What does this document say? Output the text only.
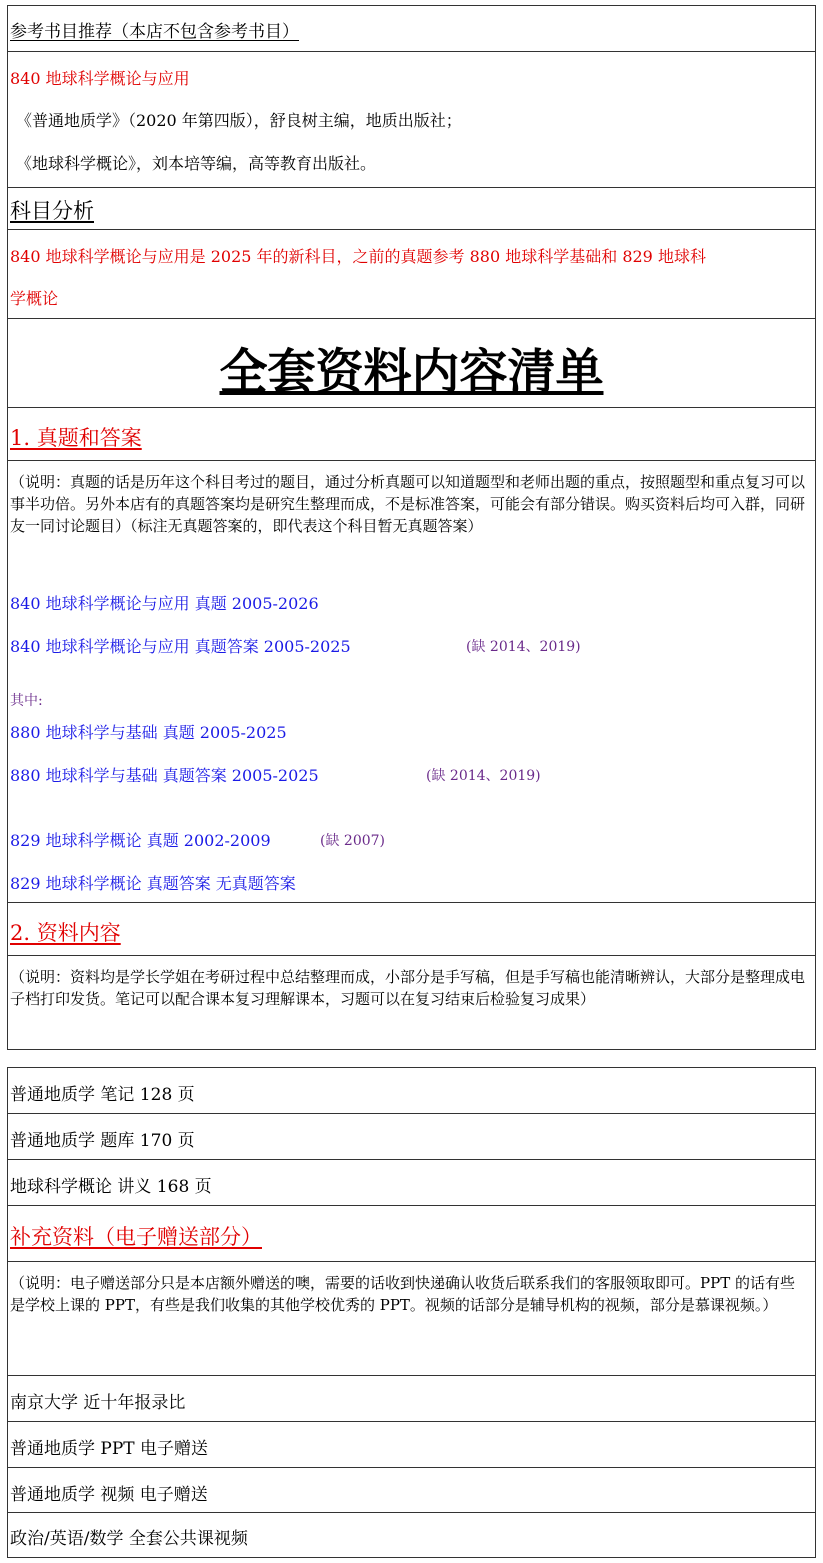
参考书目推荐（本店不包含参考书目）
840 地球科学概论与应用
《普通地质学》（2020 年第四版），舒良树主编，地质出版社；
《地球科学概论》，刘本培等编，高等教育出版社。
科目分析
840 地球科学概论与应用是 2025 年的新科目，之前的真题参考 880 地球科学基础和 829 地球科
学概论
全套资料内容清单
1. 真题和答案
（说明：真题的话是历年这个科目考过的题目，通过分析真题可以知道题型和老师出题的重点，按照题型和重点复习可以事半功倍。另外本店有的真题答案均是研究生整理而成，不是标准答案，可能会有部分错误。购买资料后均可入群，同研友一同讨论题目）（标注无真题答案的，即代表这个科目暂无真题答案）
840 地球科学概论与应用 真题 2005-2026
840 地球科学概论与应用 真题答案 2005-2025	(缺 2014、2019)
其中:
880 地球科学与基础 真题 2005-2025
880 地球科学与基础 真题答案 2005-2025	(缺 2014、2019)
829 地球科学概论 真题 2002-2009	(缺 2007)
829 地球科学概论 真题答案 无真题答案
2. 资料内容
（说明：资料均是学长学姐在考研过程中总结整理而成，小部分是手写稿，但是手写稿也能清晰辨认，大部分是整理成电子档打印发货。笔记可以配合课本复习理解课本，习题可以在复习结束后检验复习成果）
普通地质学 笔记 128 页
普通地质学 题库 170 页
地球科学概论 讲义 168 页
补充资料（电子赠送部分）
（说明：电子赠送部分只是本店额外赠送的噢，需要的话收到快递确认收货后联系我们的客服领取即可。PPT 的话有些是学校上课的 PPT，有些是我们收集的其他学校优秀的 PPT。视频的话部分是辅导机构的视频，部分是慕课视频。）
南京大学 近十年报录比
普通地质学 PPT 电子赠送
普通地质学 视频 电子赠送
政治/英语/数学 全套公共课视频
